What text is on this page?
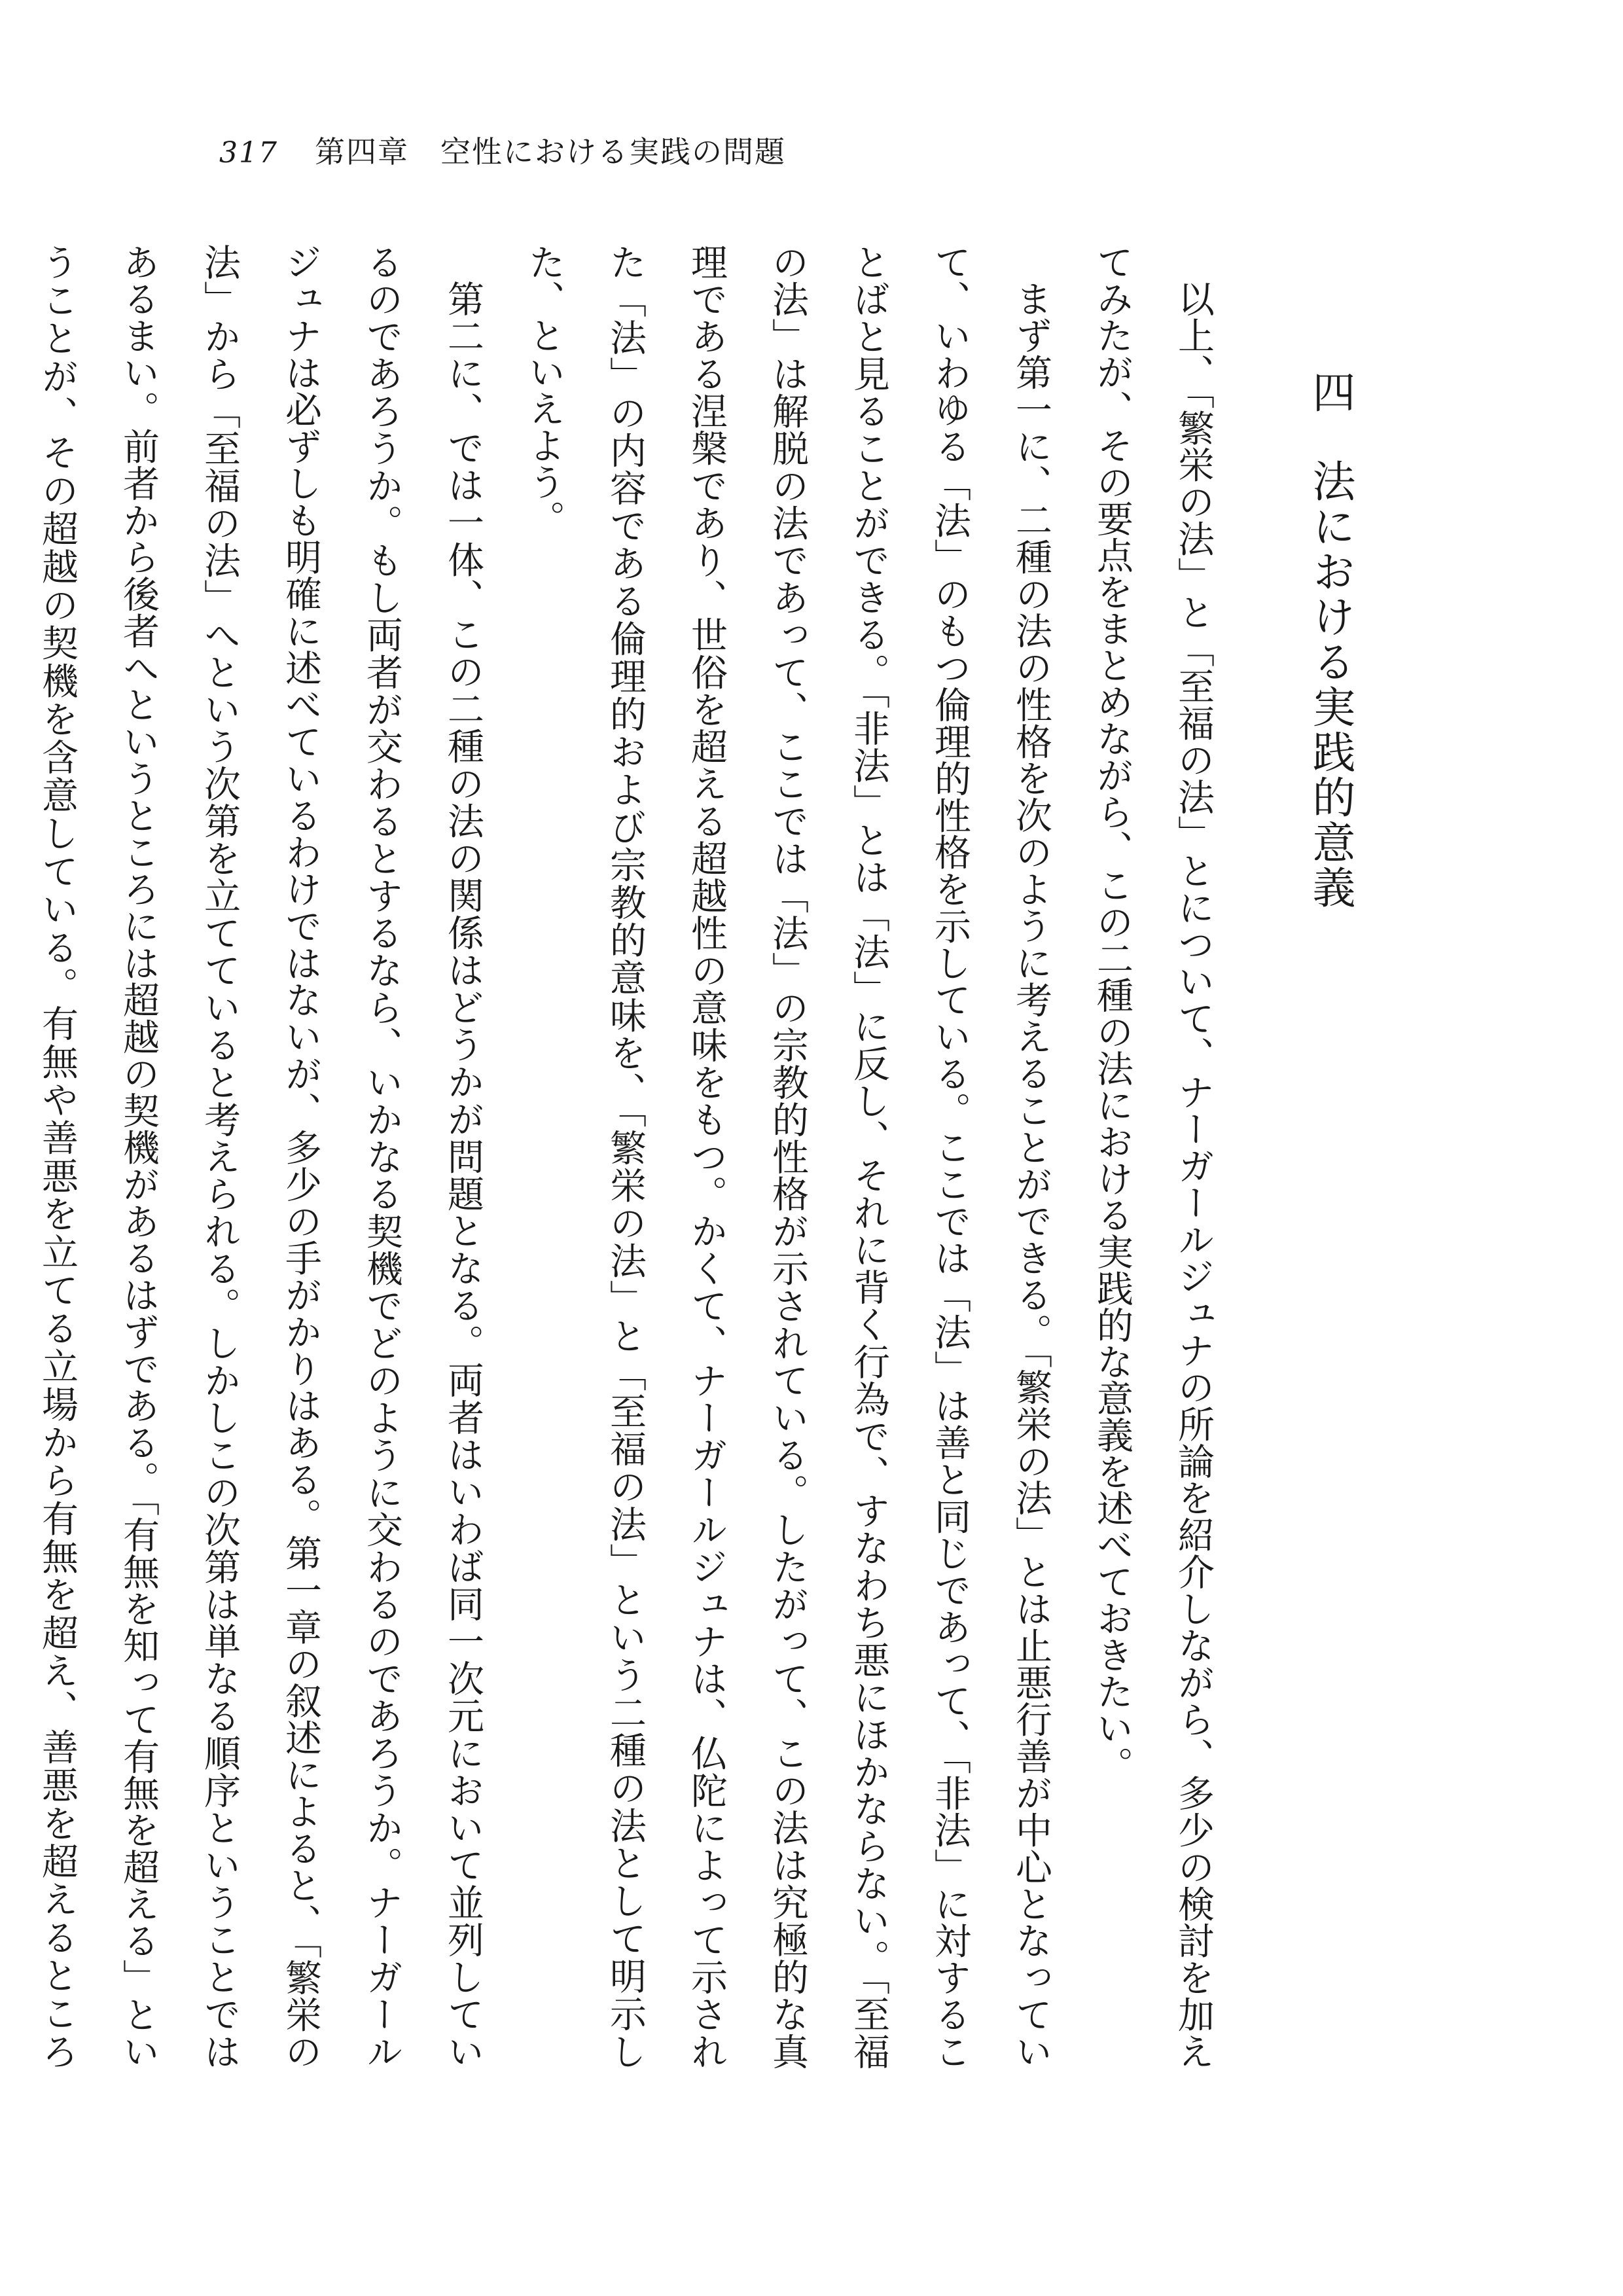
317 第四章　空性における実践の問題
四法における実践的意義

以上、「繁栄の法」と「至福の法」とについて、ナーガールジュナの所論を紹介しながら、多少の検討を加えてみたが、その要点をまとめながら、この二種の法における実践的な意義を述べておきたい。

まず第一に、二種の法の性格を次のように考えることができる。「繁栄の法」とは止悪行善が中心となっていて、いわゆる「法」のもつ倫理的性格を示している。ここでは「法」は善と同じであって、「非法」に対することばと見ることができる。「非法」とは「法」に反し、それに背く行為で、すなわち悪にほかならない。「至福の法」は解脱の法であって、ここでは「法」の宗教的性格が示されている。したがって、この法は究極的な真理である涅槃であり、世俗を超える超越性の意味をもつ。かくて、ナーガールジュナは、仏陀によって示された「法」の内容である倫理的および宗教的意味を、「繁栄の法」と「至福の法」という二種の法として明示した、といえよう。

第二に、では一体、この二種の法の関係はどうかが問題となる。両者はいわば同一次元において並列しているのであろうか。もし両者が交わるとするなら、いかなる契機でどのように交わるのであろうか。ナーガールジュナは必ずしも明確に述べているわけではないが、多少の手がかりはある。第一章の叙述によると、「繁栄の法」から「至福の法」へという次第を立てていると考えられる。しかしこの次第は単なる順序ということではあるまい。前者から後者へというところには超越の契機があるはずである。「有無を知って有無を超える」ということが、その超越の契機を含意している。有無や善悪を立てる立場から有無を超え、善悪を超えるところ
